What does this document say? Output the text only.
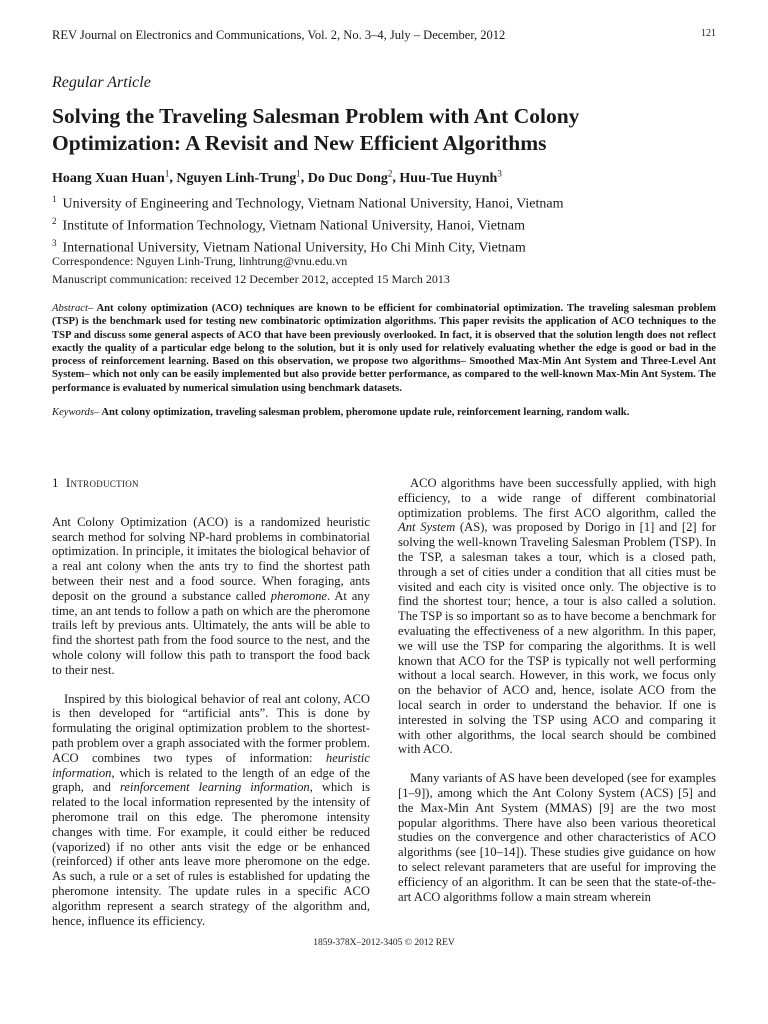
REV Journal on Electronics and Communications, Vol. 2, No. 3–4, July – December, 2012	121
Regular Article
Solving the Traveling Salesman Problem with Ant Colony Optimization: A Revisit and New Efficient Algorithms
Hoang Xuan Huan$^1$, Nguyen Linh-Trung$^1$, Do Duc Dong$^2$, Huu-Tue Huynh$^3$
$^1$ University of Engineering and Technology, Vietnam National University, Hanoi, Vietnam
$^2$ Institute of Information Technology, Vietnam National University, Hanoi, Vietnam
$^3$ International University, Vietnam National University, Ho Chi Minh City, Vietnam
Correspondence: Nguyen Linh-Trung, linhtrung@vnu.edu.vn
Manuscript communication: received 12 December 2012, accepted 15 March 2013
Abstract– Ant colony optimization (ACO) techniques are known to be efficient for combinatorial optimization. The traveling salesman problem (TSP) is the benchmark used for testing new combinatoric optimization algorithms. This paper revisits the application of ACO techniques to the TSP and discuss some general aspects of ACO that have been previously overlooked. In fact, it is observed that the solution length does not reflect exactly the quality of a particular edge belong to the solution, but it is only used for relatively evaluating whether the edge is good or bad in the process of reinforcement learning. Based on this observation, we propose two algorithms– Smoothed Max-Min Ant System and Three-Level Ant System– which not only can be easily implemented but also provide better performance, as compared to the well-known Max-Min Ant System. The performance is evaluated by numerical simulation using benchmark datasets.
Keywords– Ant colony optimization, traveling salesman problem, pheromone update rule, reinforcement learning, random walk.
1 Introduction

Ant Colony Optimization (ACO) is a randomized heuristic search method for solving NP-hard problems in combinatorial optimization. In principle, it imitates the biological behavior of a real ant colony when the ants try to find the shortest path between their nest and a food source. When foraging, ants deposit on the ground a substance called pheromone. At any time, an ant tends to follow a path on which are the pheromone trails left by previous ants. Ultimately, the ants will be able to find the shortest path from the food source to the nest, and the whole colony will follow this path to transport the food back to their nest.

Inspired by this biological behavior of real ant colony, ACO is then developed for “artificial ants”. This is done by formulating the original optimization problem to the shortest-path problem over a graph associated with the former problem. ACO combines two types of information: heuristic information, which is related to the length of an edge of the graph, and reinforcement learning information, which is related to the local information represented by the intensity of pheromone trail on this edge. The pheromone intensity changes with time. For example, it could either be reduced (vaporized) if no other ants visit the edge or be enhanced (reinforced) if other ants leave more pheromone on the edge. As such, a rule or a set of rules is established for updating the pheromone intensity. The update rules in a specific ACO algorithm represent a search strategy of the algorithm and, hence, influence its efficiency.

ACO algorithms have been successfully applied, with high efficiency, to a wide range of different combinatorial optimization problems. The first ACO algorithm, called the Ant System (AS), was proposed by Dorigo in [1] and [2] for solving the well-known Traveling Salesman Problem (TSP). In the TSP, a salesman takes a tour, which is a closed path, through a set of cities under a condition that all cities must be visited and each city is visited once only. The objective is to find the shortest tour; hence, a tour is also called a solution. The TSP is so important so as to have become a benchmark for evaluating the effectiveness of a new algorithm. In this paper, we will use the TSP for comparing the algorithms. It is well known that ACO for the TSP is typically not well performing without a local search. However, in this work, we focus only on the behavior of ACO and, hence, isolate ACO from the local search in order to understand the behavior. If one is interested in solving the TSP using ACO and comparing it with other algorithms, the local search should be combined with ACO.

Many variants of AS have been developed (see for examples [1–9]), among which the Ant Colony System (ACS) [5] and the Max-Min Ant System (MMAS) [9] are the two most popular algorithms. There have also been various theoretical studies on the convergence and other characteristics of ACO algorithms (see [10–14]). These studies give guidance on how to select relevant parameters that are useful for improving the efficiency of an algorithm. It can be seen that the state-of-the-art ACO algorithms follow a main stream wherein

1859-378X–2012-3405 © 2012 REV
